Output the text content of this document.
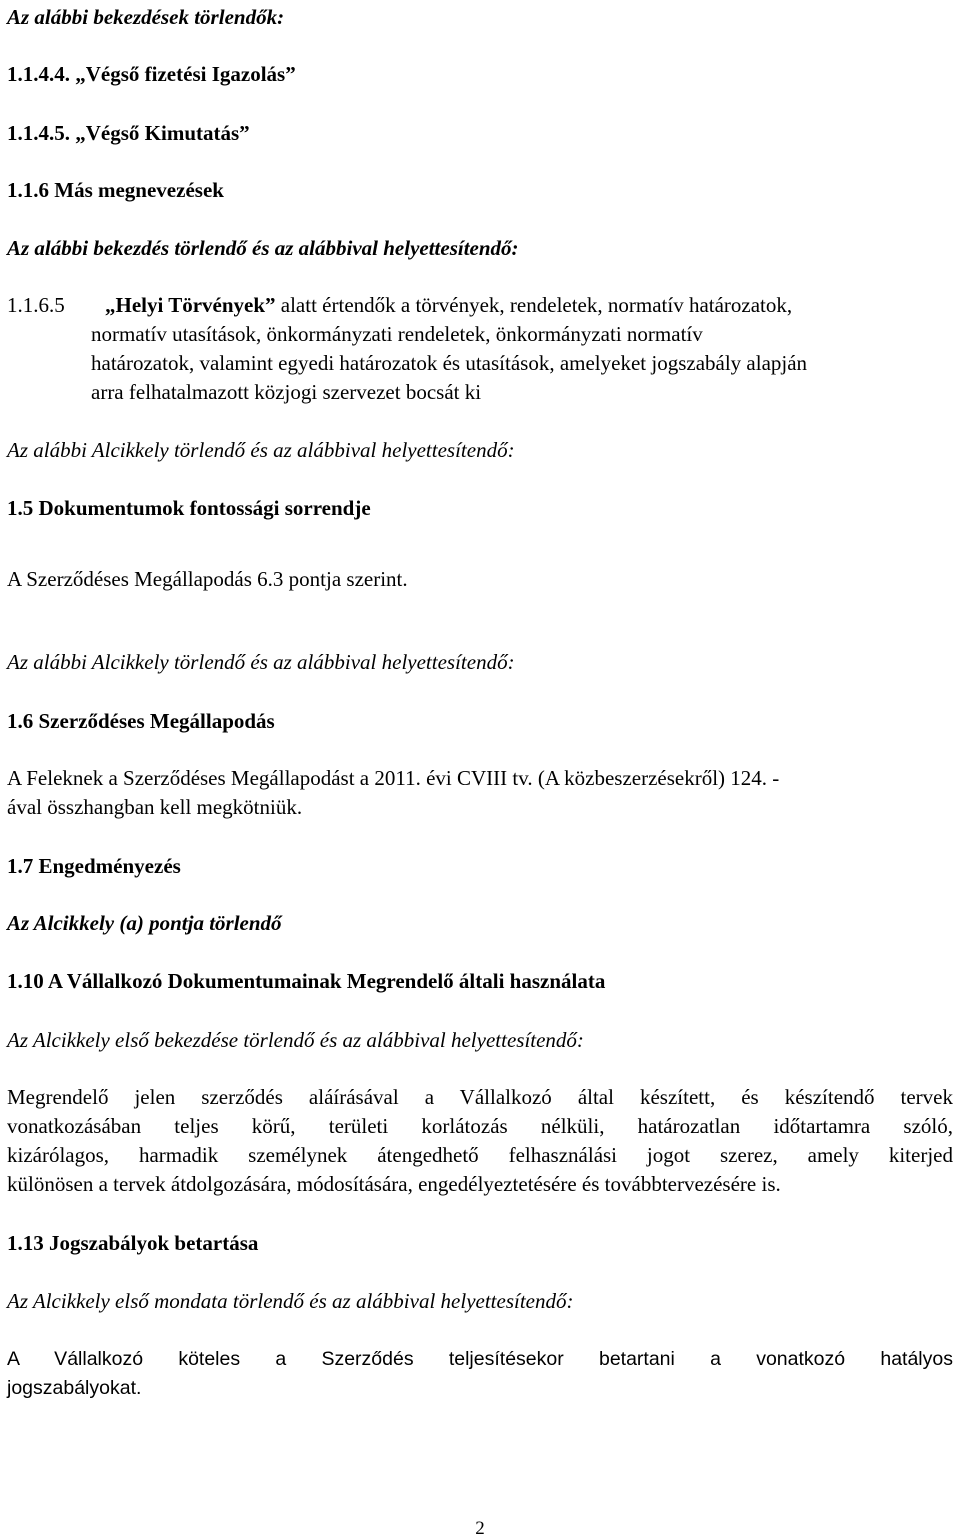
Az alábbi bekezdések törlendők:

1.1.4.4. „Végső fizetési Igazolás”

1.1.4.5. „Végső Kimutatás”

1.1.6 Más megnevezések

Az alábbi bekezdés törlendő és az alábbival helyettesítendő:

1.1.6.5 „Helyi Törvények” alatt értendők a törvények, rendeletek, normatív határozatok,

normatív utasítások, önkormányzati rendeletek, önkormányzati normatív

határozatok, valamint egyedi határozatok és utasítások, amelyeket jogszabály alapján

arra felhatalmazott közjogi szervezet bocsát ki

Az alábbi Alcikkely törlendő és az alábbival helyettesítendő:

1.5 Dokumentumok fontossági sorrendje

A Szerződéses Megállapodás 6.3 pontja szerint.

Az alábbi Alcikkely törlendő és az alábbival helyettesítendő:

1.6 Szerződéses Megállapodás

A Feleknek a Szerződéses Megállapodást a 2011. évi CVIII tv. (A közbeszerzésekről) 124. -

ával összhangban kell megkötniük.

1.7 Engedményezés

Az Alcikkely (a) pontja törlendő

1.10 A Vállalkozó Dokumentumainak Megrendelő általi használata

Az Alcikkely első bekezdése törlendő és az alábbival helyettesítendő:

Megrendelő jelen szerződés aláírásával a Vállalkozó által készített, és készítendő tervek

vonatkozásában teljes körű, területi korlátozás nélküli, határozatlan időtartamra szóló,

kizárólagos, harmadik személynek átengedhető felhasználási jogot szerez, amely kiterjed

különösen a tervek átdolgozására, módosítására, engedélyeztetésére és továbbtervezésére is.

1.13 Jogszabályok betartása

Az Alcikkely első mondata törlendő és az alábbival helyettesítendő:

A Vállalkozó köteles a Szerződés teljesítésekor betartani a vonatkozó hatályos

jogszabályokat.

2
